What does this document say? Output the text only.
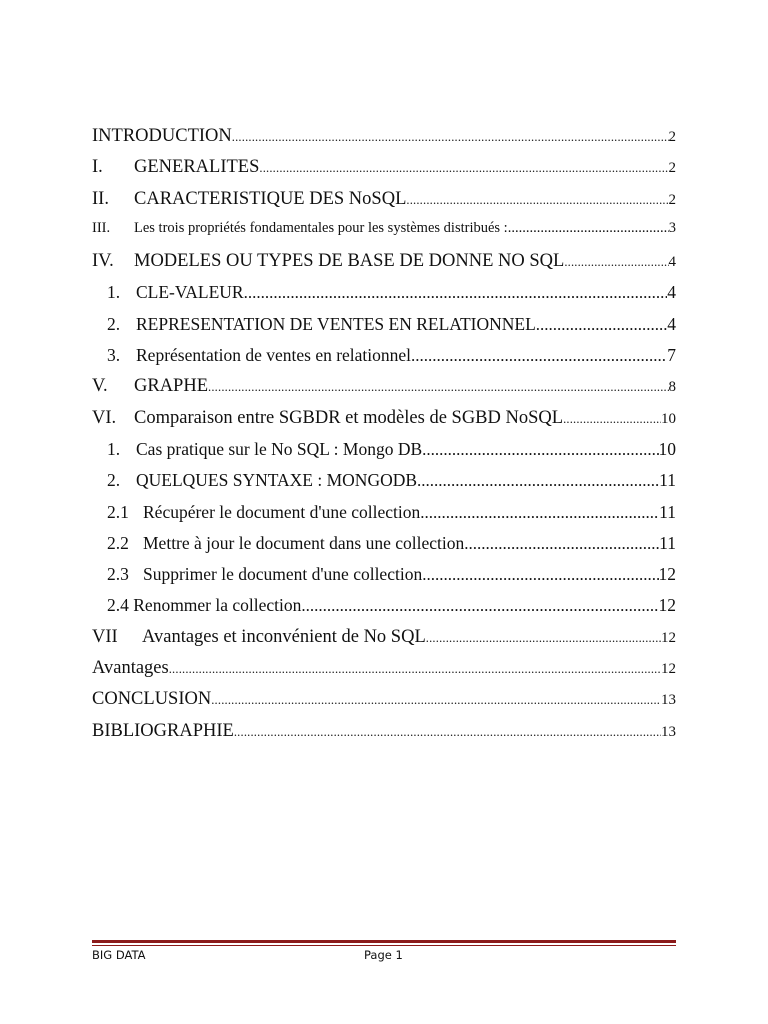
INTRODUCTION .....	2
I.	GENERALITES .....	2
II.	CARACTERISTIQUE DES NoSQL .....	2
III.	Les trois propriétés fondamentales pour les systèmes distribués : .....	3
IV.	MODELES OU TYPES DE BASE DE DONNE NO SQL .....	4
1. CLE-VALEUR .....	4
2. REPRESENTATION DE VENTES EN RELATIONNEL .....	4
3. Représentation de ventes en relationnel .....	7
V.	GRAPHE .....	8
VI. Comparaison entre SGBDR et modèles de SGBD NoSQL .....	10
1. Cas pratique sur le No SQL : Mongo DB .....	10
2. QUELQUES SYNTAXE : MONGODB .....	11
2.1 Récupérer le document d'une collection .....	11
2.2 Mettre à jour le document dans une collection .....	11
2.3 Supprimer le document d'une collection .....	12
2.4 Renommer la collection .....	12
VII	Avantages et inconvénient de No SQL .....	12
Avantages .....	12
CONCLUSION .....	13
BIBLIOGRAPHIE .....	13
BIG DATA	Page 1
